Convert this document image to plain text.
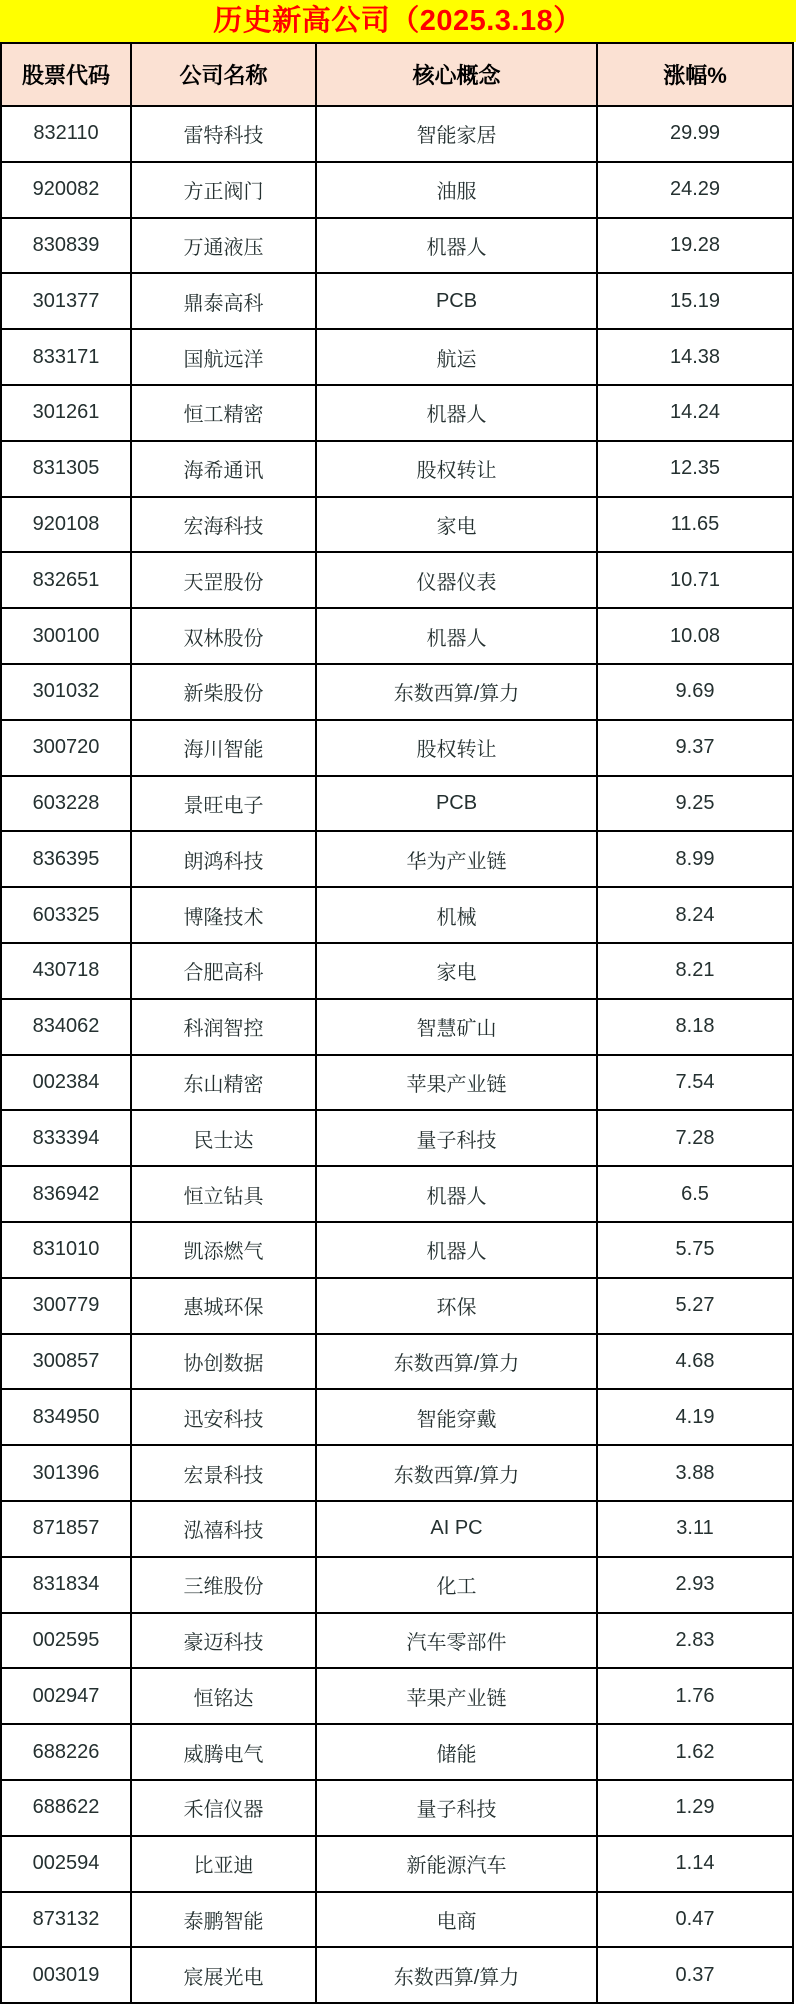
历史新高公司（2025.3.18）
股票代码	公司名称	核心概念	涨幅%
832110	雷特科技	智能家居	29.99
920082	方正阀门	油服	24.29
830839	万通液压	机器人	19.28
301377	鼎泰高科	PCB	15.19
833171	国航远洋	航运	14.38
301261	恒工精密	机器人	14.24
831305	海希通讯	股权转让	12.35
920108	宏海科技	家电	11.65
832651	天罡股份	仪器仪表	10.71
300100	双林股份	机器人	10.08
301032	新柴股份	东数西算/算力	9.69
300720	海川智能	股权转让	9.37
603228	景旺电子	PCB	9.25
836395	朗鸿科技	华为产业链	8.99
603325	博隆技术	机械	8.24
430718	合肥高科	家电	8.21
834062	科润智控	智慧矿山	8.18
002384	东山精密	苹果产业链	7.54
833394	民士达	量子科技	7.28
836942	恒立钻具	机器人	6.5
831010	凯添燃气	机器人	5.75
300779	惠城环保	环保	5.27
300857	协创数据	东数西算/算力	4.68
834950	迅安科技	智能穿戴	4.19
301396	宏景科技	东数西算/算力	3.88
871857	泓禧科技	AI PC	3.11
831834	三维股份	化工	2.93
002595	豪迈科技	汽车零部件	2.83
002947	恒铭达	苹果产业链	1.76
688226	威腾电气	储能	1.62
688622	禾信仪器	量子科技	1.29
002594	比亚迪	新能源汽车	1.14
873132	泰鹏智能	电商	0.47
003019	宸展光电	东数西算/算力	0.37
